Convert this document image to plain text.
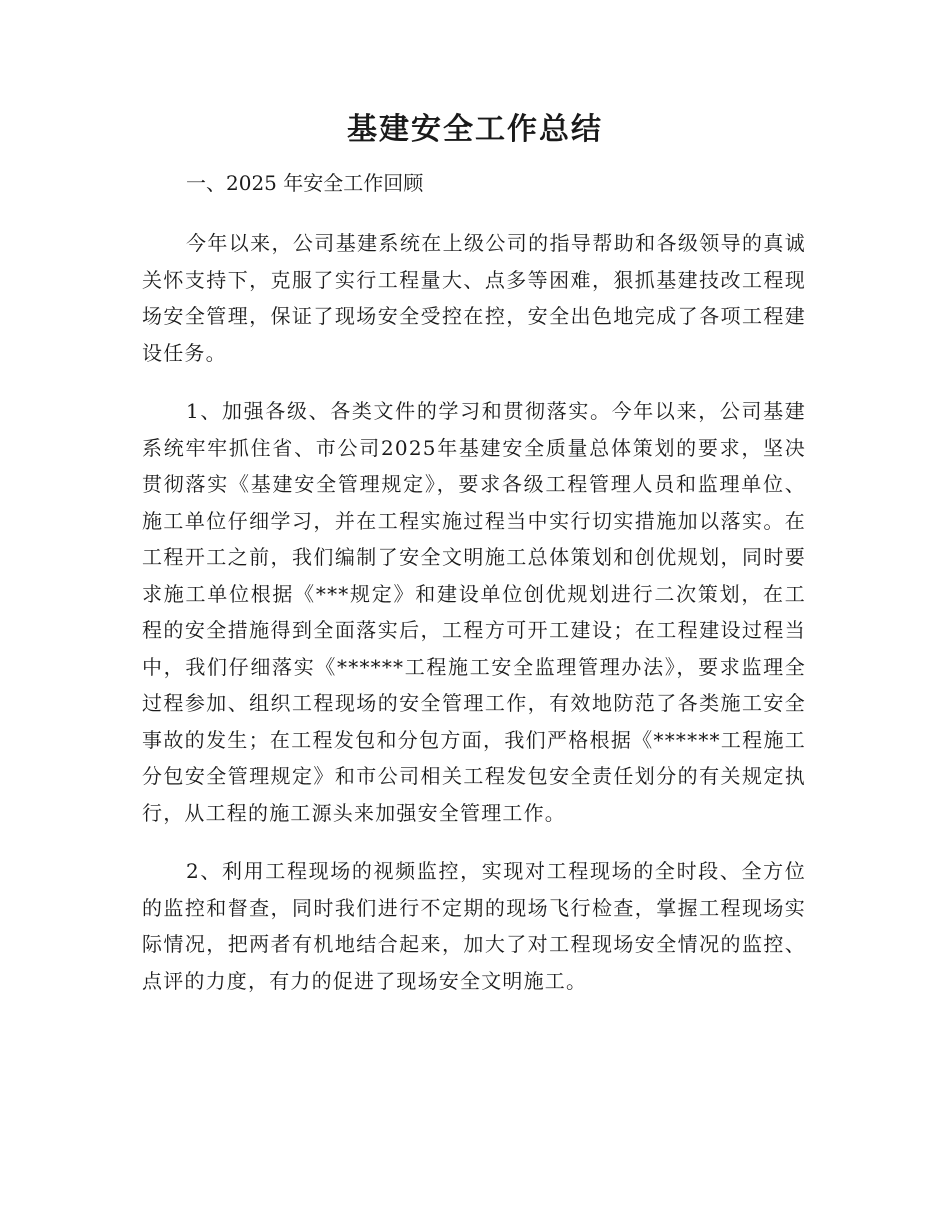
基建安全工作总结

一、2025 年安全工作回顾

今年以来，公司基建系统在上级公司的指导帮助和各级领导的真诚关怀支持下，克服了实行工程量大、点多等困难，狠抓基建技改工程现场安全管理，保证了现场安全受控在控，安全出色地完成了各项工程建设任务。

1、加强各级、各类文件的学习和贯彻落实。今年以来，公司基建系统牢牢抓住省、市公司2025年基建安全质量总体策划的要求，坚决贯彻落实《基建安全管理规定》，要求各级工程管理人员和监理单位、施工单位仔细学习，并在工程实施过程当中实行切实措施加以落实。在工程开工之前，我们编制了安全文明施工总体策划和创优规划，同时要求施工单位根据《***规定》和建设单位创优规划进行二次策划，在工程的安全措施得到全面落实后，工程方可开工建设；在工程建设过程当中，我们仔细落实《******工程施工安全监理管理办法》，要求监理全过程参加、组织工程现场的安全管理工作，有效地防范了各类施工安全事故的发生；在工程发包和分包方面，我们严格根据《******工程施工分包安全管理规定》和市公司相关工程发包安全责任划分的有关规定执行，从工程的施工源头来加强安全管理工作。

2、利用工程现场的视频监控，实现对工程现场的全时段、全方位的监控和督查，同时我们进行不定期的现场飞行检查，掌握工程现场实际情况，把两者有机地结合起来，加大了对工程现场安全情况的监控、点评的力度，有力的促进了现场安全文明施工。
